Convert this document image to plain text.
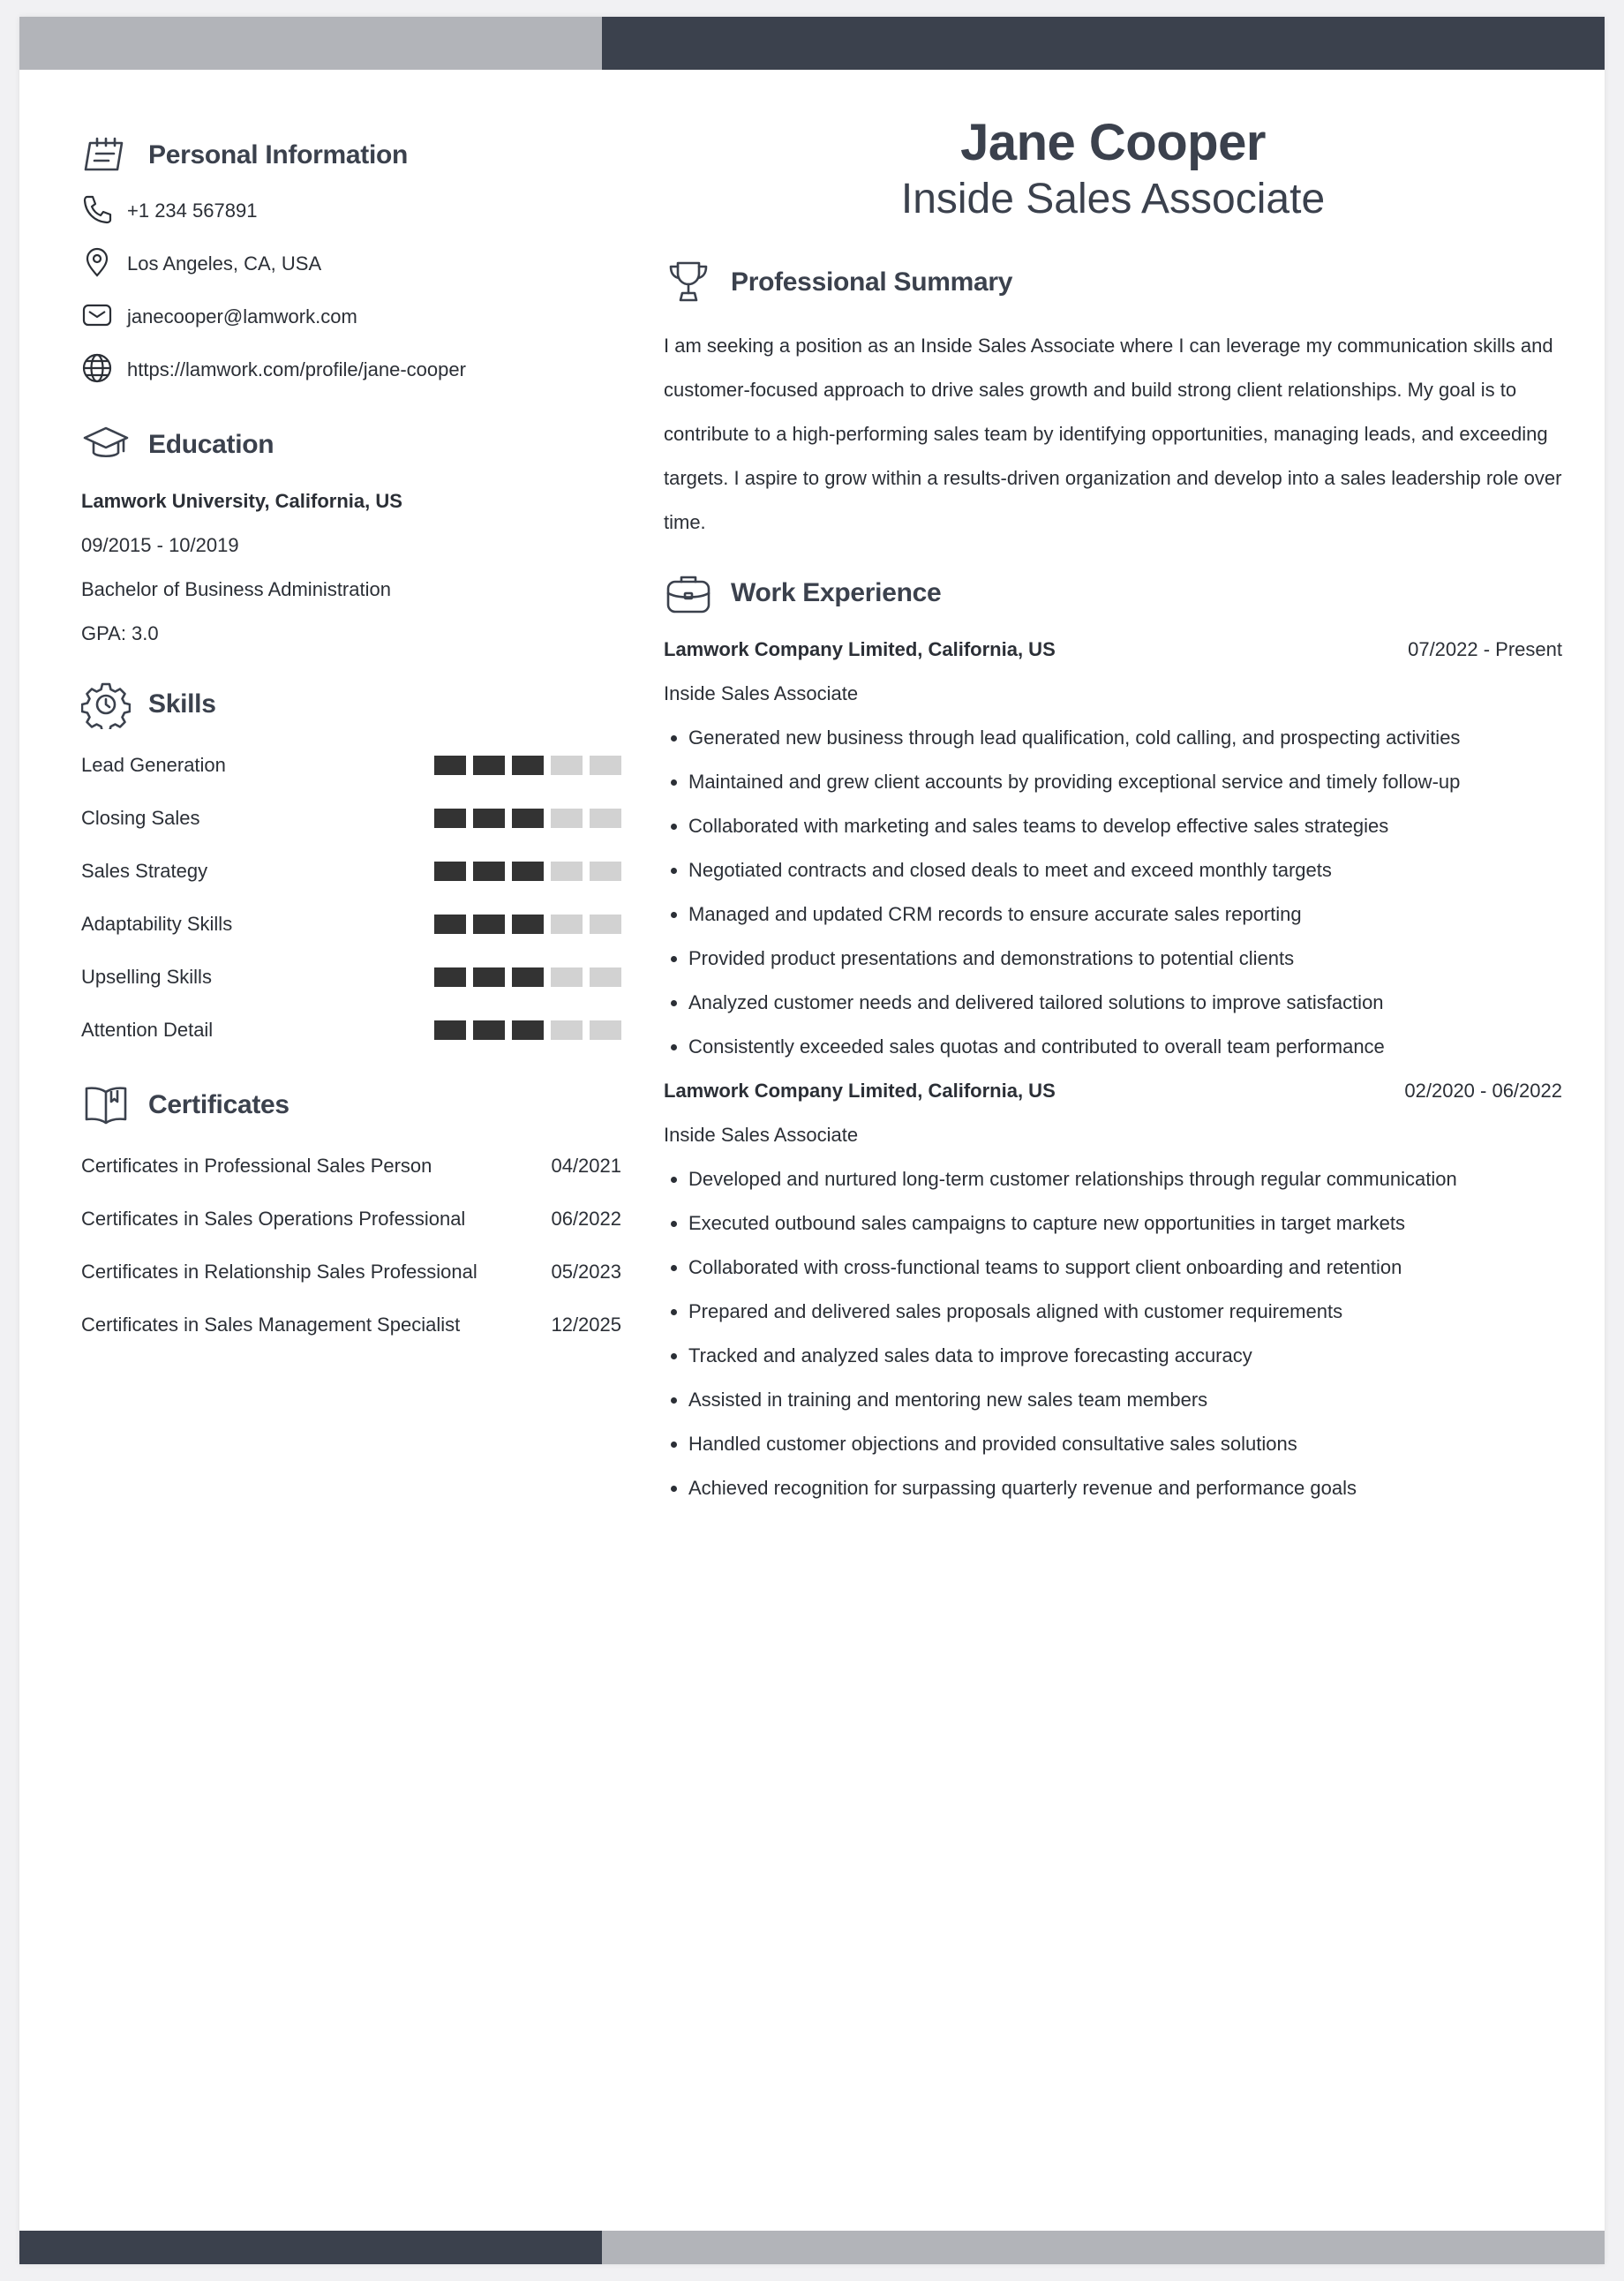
Personal Information
+1 234 567891
Los Angeles, CA, USA
janecooper@lamwork.com
https://lamwork.com/profile/jane-cooper
Education
Lamwork University, California, US
09/2015 - 10/2019
Bachelor of Business Administration
GPA: 3.0
Skills
Lead Generation
Closing Sales
Sales Strategy
Adaptability Skills
Upselling Skills
Attention Detail
Certificates
Certificates in Professional Sales Person	04/2021
Certificates in Sales Operations Professional	06/2022
Certificates in Relationship Sales Professional	05/2023
Certificates in Sales Management Specialist	12/2025
Jane Cooper
Inside Sales Associate
Professional Summary

I am seeking a position as an Inside Sales Associate where I can leverage my communication skills and customer-focused approach to drive sales growth and build strong client relationships. My goal is to contribute to a high-performing sales team by identifying opportunities, managing leads, and exceeding targets. I aspire to grow within a results-driven organization and develop into a sales leadership role over time.

Work Experience
Lamwork Company Limited, California, US	07/2022 - Present
Inside Sales Associate
Generated new business through lead qualification, cold calling, and prospecting activities
Maintained and grew client accounts by providing exceptional service and timely follow-up
Collaborated with marketing and sales teams to develop effective sales strategies
Negotiated contracts and closed deals to meet and exceed monthly targets
Managed and updated CRM records to ensure accurate sales reporting
Provided product presentations and demonstrations to potential clients
Analyzed customer needs and delivered tailored solutions to improve satisfaction
Consistently exceeded sales quotas and contributed to overall team performance
Lamwork Company Limited, California, US	02/2020 - 06/2022
Inside Sales Associate
Developed and nurtured long-term customer relationships through regular communication
Executed outbound sales campaigns to capture new opportunities in target markets
Collaborated with cross-functional teams to support client onboarding and retention
Prepared and delivered sales proposals aligned with customer requirements
Tracked and analyzed sales data to improve forecasting accuracy
Assisted in training and mentoring new sales team members
Handled customer objections and provided consultative sales solutions
Achieved recognition for surpassing quarterly revenue and performance goals
